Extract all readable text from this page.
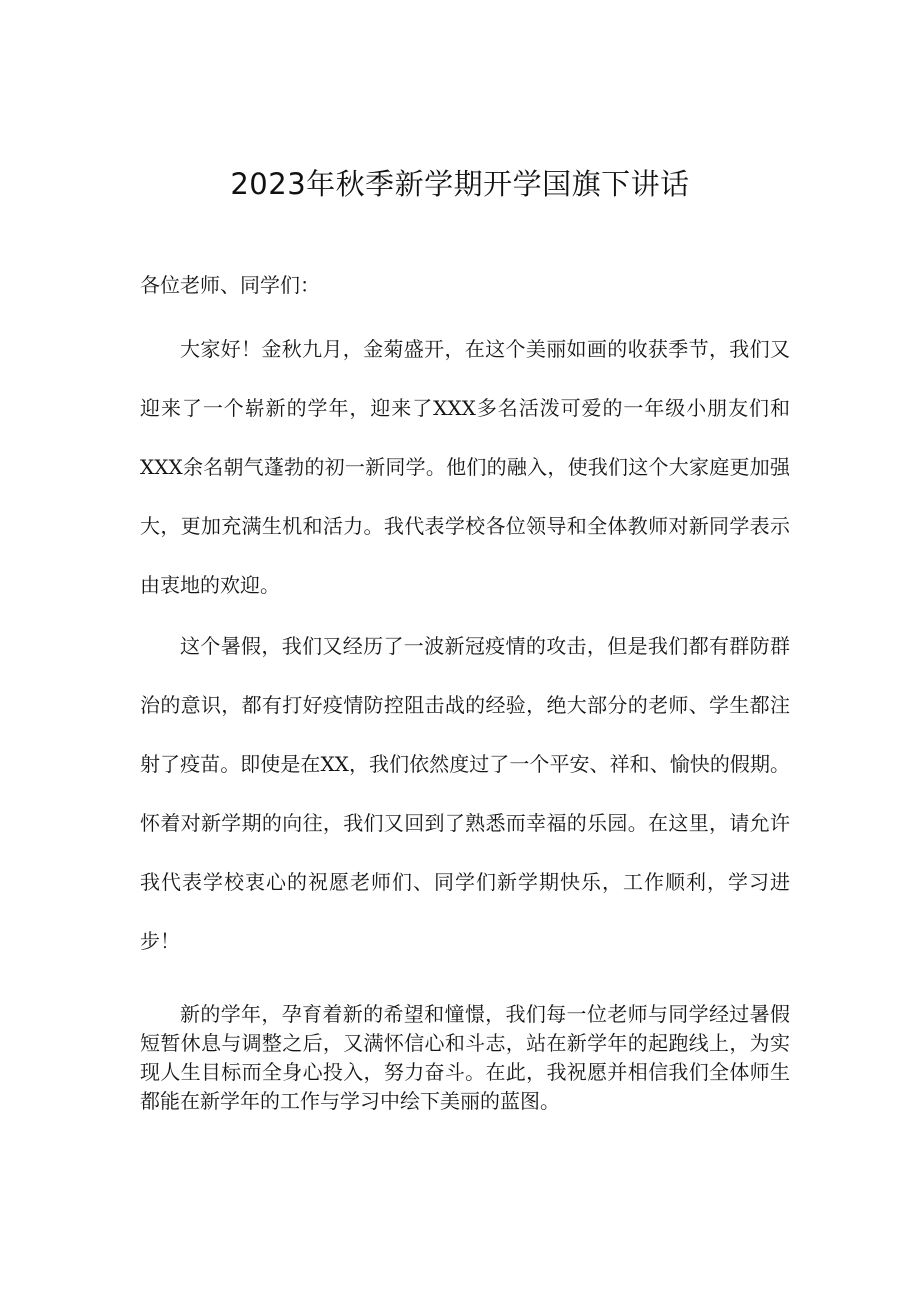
2023年秋季新学期开学国旗下讲话
各位老师、同学们：

大家好！金秋九月，金菊盛开，在这个美丽如画的收获季节，我们又迎来了一个崭新的学年，迎来了XXX多名活泼可爱的一年级小朋友们和XXX余名朝气蓬勃的初一新同学。他们的融入，使我们这个大家庭更加强大，更加充满生机和活力。我代表学校各位领导和全体教师对新同学表示由衷地的欢迎。

这个暑假，我们又经历了一波新冠疫情的攻击，但是我们都有群防群治的意识，都有打好疫情防控阻击战的经验，绝大部分的老师、学生都注射了疫苗。即使是在XX，我们依然度过了一个平安、祥和、愉快的假期。怀着对新学期的向往，我们又回到了熟悉而幸福的乐园。在这里，请允许我代表学校衷心的祝愿老师们、同学们新学期快乐，工作顺利，学习进步！

新的学年，孕育着新的希望和憧憬，我们每一位老师与同学经过暑假短暂休息与调整之后，又满怀信心和斗志，站在新学年的起跑线上，为实现人生目标而全身心投入，努力奋斗。在此，我祝愿并相信我们全体师生都能在新学年的工作与学习中绘下美丽的蓝图。
